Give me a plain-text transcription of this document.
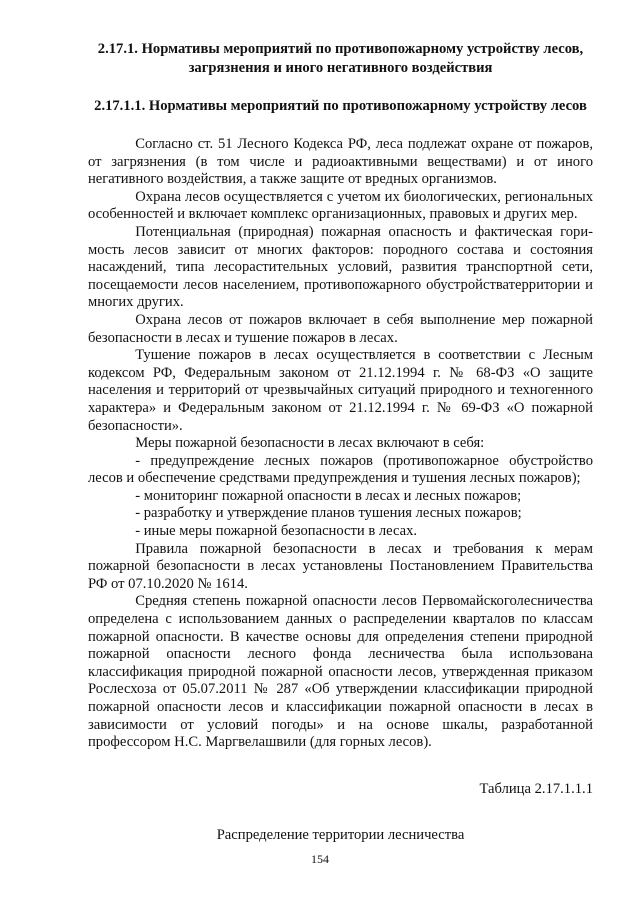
2.17.1. Нормативы мероприятий по противопожарному устройству лесов, загрязнения и иного негативного воздействия

2.17.1.1. Нормативы мероприятий по противопожарному устройству лесов

Согласно ст. 51 Лесного Кодекса РФ, леса подлежат охране от пожаров, от загрязнения (в том числе и радиоактивными веществами) и от иного негативного воздействия, а также защите от вредных организмов.

Охрана лесов осуществляется с учетом их биологических, региональных особенностей и включает комплекс организационных, правовых и других мер.

Потенциальная (природная) пожарная опасность и фактическая гори-мость лесов зависит от многих факторов: породного состава и состояния насаждений, типа лесорастительных условий, развития транспортной сети, посещаемости лесов населением, противопожарного обустройстватерритории и многих других.

Охрана лесов от пожаров включает в себя выполнение мер пожарной безопасности в лесах и тушение пожаров в лесах.

Тушение пожаров в лесах осуществляется в соответствии с Лесным кодексом РФ, Федеральным законом от 21.12.1994 г. № 68-ФЗ «О защите населения и территорий от чрезвычайных ситуаций природного и техногенного характера» и Федеральным законом от 21.12.1994 г. № 69-ФЗ «О пожарной безопасности».

Меры пожарной безопасности в лесах включают в себя:

- предупреждение лесных пожаров (противопожарное обустройство лесов и обеспечение средствами предупреждения и тушения лесных пожаров);

- мониторинг пожарной опасности в лесах и лесных пожаров;

- разработку и утверждение планов тушения лесных пожаров;

- иные меры пожарной безопасности в лесах.

Правила пожарной безопасности в лесах и требования к мерам пожарной безопасности в лесах установлены Постановлением Правительства РФ от 07.10.2020 № 1614.

Средняя степень пожарной опасности лесов Первомайскоголесничества определена с использованием данных о распределении кварталов по классам пожарной опасности. В качестве основы для определения степени природной пожарной опасности лесного фонда лесничества была использована классификация природной пожарной опасности лесов, утвержденная приказом Рослесхоза от 05.07.2011 № 287 «Об утверждении классификации природной пожарной опасности лесов и классификации пожарной опасности в лесах в зависимости от условий погоды» и на основе шкалы, разработанной профессором Н.С. Маргвелашвили (для горных лесов).

Таблица 2.17.1.1.1
Распределение территории лесничества
154
